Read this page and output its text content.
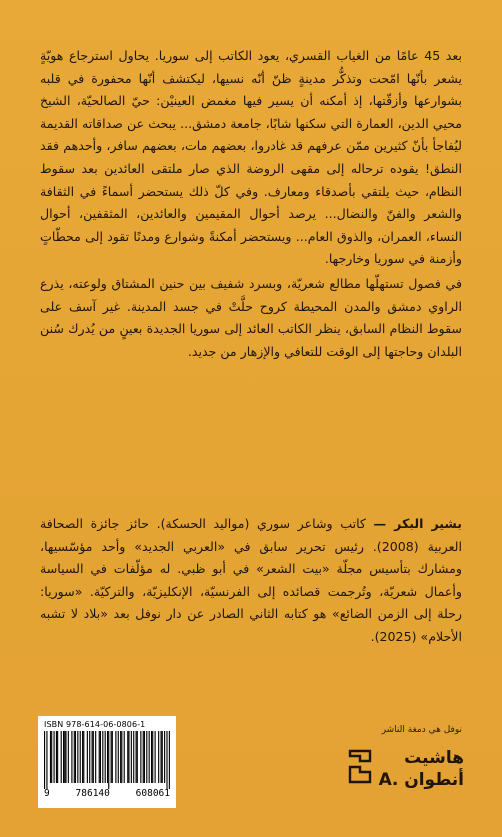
بعد 45 عامًا من الغياب القسري، يعود الكاتب إلى سوريا. يحاول استرجاع هويّةٍ يشعر بأنّها امّحت وتذكُّر مدينةٍ ظنّ أنّه نسيها، ليكتشف أنّها محفورة في قلبه بشوارعها وأزقّتها، إذ أمكنه أن يسير فيها مغمض العينيْن: حيّ الصالحيّة، الشيخ محيي الدين، العمارة التي سكنها شابًا، جامعة دمشق... يبحث عن صداقاته القديمة ليُفاجأ بأنّ كثيرين ممّن عرفهم قد غادروا، بعضهم مات، بعضهم سافر، وأحدهم فقد النطق! يقوده ترحاله إلى مقهى الروضة الذي صار ملتقى العائدين بعد سقوط النظام، حيث يلتقي بأصدقاء ومعارف. وفي كلّ ذلك يستحضر أسماءً في الثقافة والشعر والفنّ والنضال... يرصد أحوال المقيمين والعائدين، المثقفين، أحوال النساء، العمران، والذوق العام... ويستحضر أمكنةً وشوارع ومدنًا تقود إلى محطّاتٍ وأزمنة في سوريا وخارجها.

في فصول تستهلّها مطالع شعريّة، وبسرد شفيف بين حنين المشتاق ولوعته، يذرع الراوي دمشق والمدن المحيطة كروح حلَّتْ في جسد المدينة. غير آسف على سقوط النظام السابق، ينظر الكاتب العائد إلى سوريا الجديدة بعينٍ من يُدرك سُنن البلدان وحاجتها إلى الوقت للتعافي والإزهار من جديد.

بشير البكر — كاتب وشاعر سوري (مواليد الحسكة). حائز جائزة الصحافة العربية (2008). رئيس تحرير سابق في «العربي الجديد» وأحد مؤسّسيها، ومشارك بتأسيس مجلّة «بيت الشعر» في أبو ظبي. له مؤلّفات في السياسة وأعمال شعريّة، وتُرجمت قصائده إلى الفرنسيّة، الإنكليزيّة، والتركيّة. «سوريا: رحلة إلى الزمن الضائع» هو كتابه الثاني الصادر عن دار نوفل بعد «بلاد لا تشبه الأحلام» (2025).
ISBN 978-614-06-0806-1
9	786140	608061
نوفل هي دمغة الناشر
هاشيت
أنطوان .A
